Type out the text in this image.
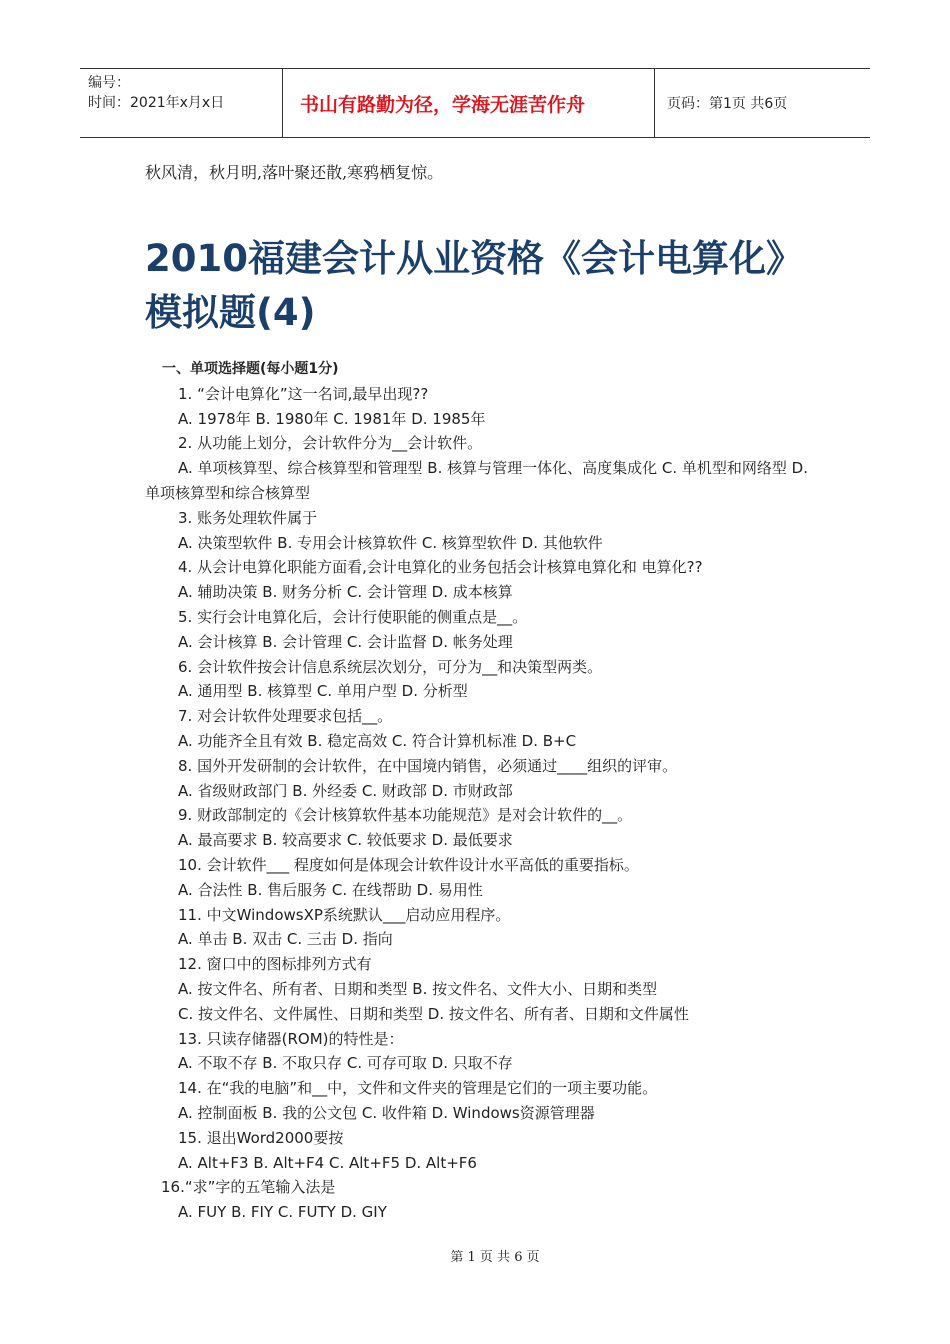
编号：
时间：2021年x月x日	书山有路勤为径，学海无涯苦作舟	页码：第1页 共6页
秋风清，秋月明,落叶聚还散,寒鸦栖复惊。
2010福建会计从业资格《会计电算化》模拟题(4)
一、单项选择题(每小题1分)
1. “会计电算化”这一名词,最早出现??
A. 1978年 B. 1980年 C. 1981年 D. 1985年
2. 从功能上划分，会计软件分为__会计软件。
A. 单项核算型、综合核算型和管理型 B. 核算与管理一体化、高度集成化 C. 单机型和网络型 D. 单项核算型和综合核算型
3. 账务处理软件属于
A. 决策型软件 B. 专用会计核算软件 C. 核算型软件 D. 其他软件
4. 从会计电算化职能方面看,会计电算化的业务包括会计核算电算化和 电算化??
A. 辅助决策 B. 财务分析 C. 会计管理 D. 成本核算
5. 实行会计电算化后，会计行使职能的侧重点是__。
A. 会计核算 B. 会计管理 C. 会计监督 D. 帐务处理
6. 会计软件按会计信息系统层次划分，可分为__和决策型两类。
A. 通用型 B. 核算型 C. 单用户型 D. 分析型
7. 对会计软件处理要求包括__。
A. 功能齐全且有效 B. 稳定高效 C. 符合计算机标准 D. B+C
8. 国外开发研制的会计软件，在中国境内销售，必须通过____组织的评审。
A. 省级财政部门 B. 外经委 C. 财政部 D. 市财政部
9. 财政部制定的《会计核算软件基本功能规范》是对会计软件的__。
A. 最高要求 B. 较高要求 C. 较低要求 D. 最低要求
10. 会计软件___ 程度如何是体现会计软件设计水平高低的重要指标。
A. 合法性 B. 售后服务 C. 在线帮助 D. 易用性
11. 中文WindowsXP系统默认___启动应用程序。
A. 单击 B. 双击 C. 三击 D. 指向
12. 窗口中的图标排列方式有
A. 按文件名、所有者、日期和类型 B. 按文件名、文件大小、日期和类型
C. 按文件名、文件属性、日期和类型 D. 按文件名、所有者、日期和文件属性
13. 只读存储器(ROM)的特性是：
A. 不取不存 B. 不取只存 C. 可存可取 D. 只取不存
14. 在“我的电脑”和__中，文件和文件夹的管理是它们的一项主要功能。
A. 控制面板 B. 我的公文包 C. 收件箱 D. Windows资源管理器
15. 退出Word2000要按
A. Alt+F3 B. Alt+F4 C. Alt+F5 D. Alt+F6
16.“求”字的五笔输入法是
A. FUY B. FIY C. FUTY D. GIY
第 1 页 共 6 页
